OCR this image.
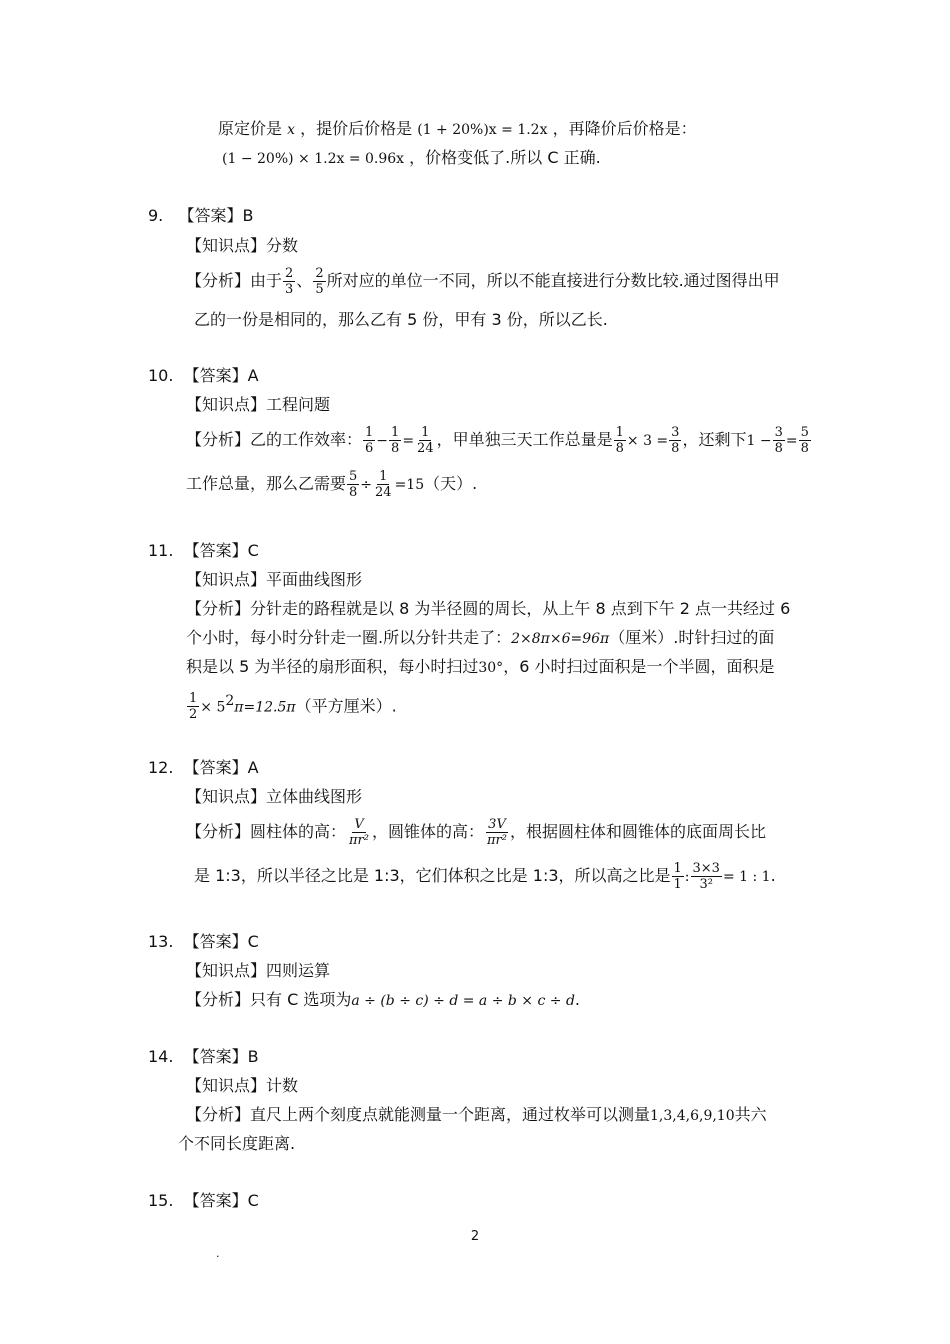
原定价是 x ，提价后价格是 (1 + 20%)x = 1.2x ，再降价后价格是：
(1 − 20%) × 1.2x = 0.96x ，价格变低了.所以 C 正确.
9. 【答案】B
【知识点】分数
【分析】由于 $\frac{2}{3}$ 、 $\frac{2}{5}$ 所对应的单位一不同，所以不能直接进行分数比较.通过图得出甲
乙的一份是相同的，那么乙有 5 份，甲有 3 份，所以乙长.
10. 【答案】A
【知识点】工程问题
【分析】乙的工作效率： $\frac{1}{6} - \frac{1}{8} = \frac{1}{24}$ ，甲单独三天工作总量是 $\frac{1}{8} \times 3 = \frac{3}{8}$ ，还剩下$1 - \frac{3}{8} = \frac{5}{8}$
工作总量，那么乙需要 $\frac{5}{8} \div \frac{1}{24} =15$（天）.
11. 【答案】C
【知识点】平面曲线图形
【分析】分针走的路程就是以 8 为半径圆的周长，从上午 8 点到下午 2 点一共经过 6
个小时，每小时分针走一圈.所以分针共走了：2×8π×6=96π（厘米）.时针扫过的面
积是以 5 为半径的扇形面积，每小时扫过30°，6 小时扫过面积是一个半圆，面积是
$\frac{1}{2} \times 5^2\pi=12.5\pi$（平方厘米）.
12. 【答案】A
【知识点】立体曲线图形
【分析】圆柱体的高： $\frac{V}{\text{πr²}}$ ，圆锥体的高： $\frac{3V}{\text{πr²}}$ ，根据圆柱体和圆锥体的底面周长比
是 1:3，所以半径之比是 1:3，它们体积之比是 1:3，所以高之比是 $\frac{1}{1}$ : $\frac{3\times 3}{\text{3²}} = 1$ : 1.
13. 【答案】C
【知识点】四则运算
【分析】只有 C 选项为a ÷ (b ÷ c) ÷ d = a ÷ b × c ÷ d.
14. 【答案】B
【知识点】计数
【分析】直尺上两个刻度点就能测量一个距离，通过枚举可以测量1,3,4,6,9,10共六
个不同长度距离.
15. 【答案】C
2
.
